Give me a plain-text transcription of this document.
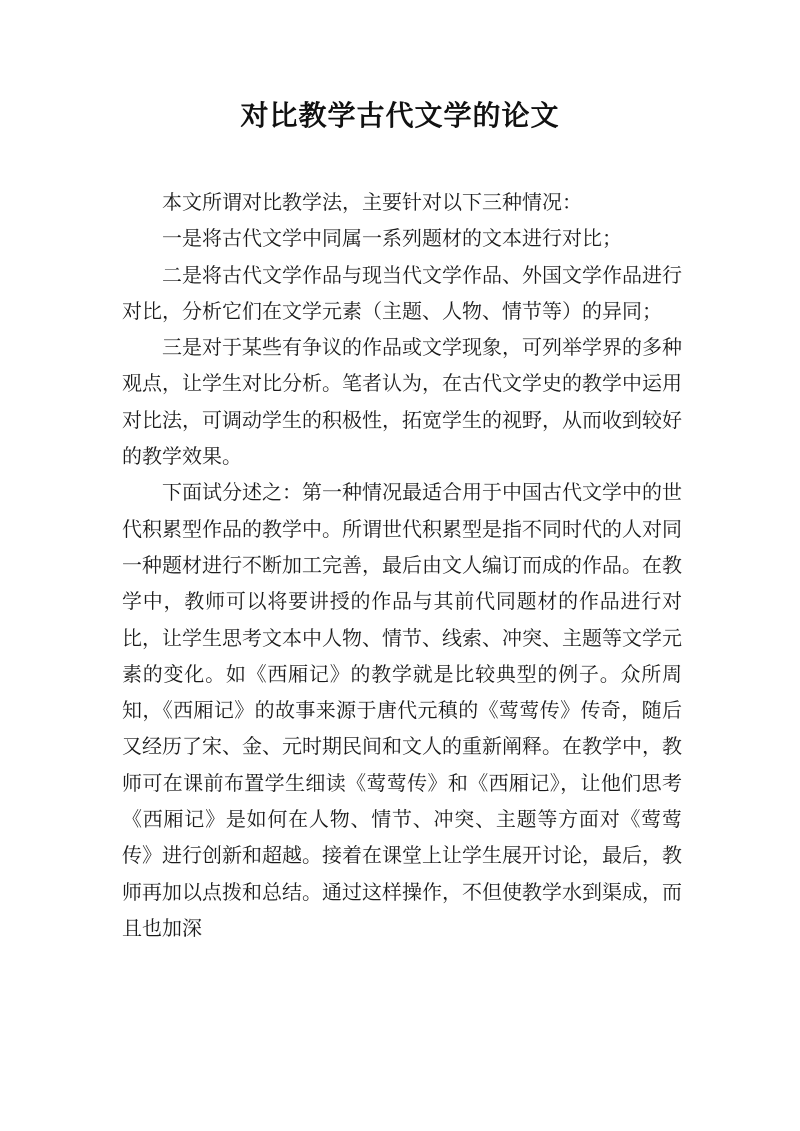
对比教学古代文学的论文

本文所谓对比教学法，主要针对以下三种情况：

一是将古代文学中同属一系列题材的文本进行对比；

二是将古代文学作品与现当代文学作品、外国文学作品进行对比，分析它们在文学元素（主题、人物、情节等）的异同；

三是对于某些有争议的作品或文学现象，可列举学界的多种观点，让学生对比分析。笔者认为，在古代文学史的教学中运用对比法，可调动学生的积极性，拓宽学生的视野，从而收到较好的教学效果。

下面试分述之：第一种情况最适合用于中国古代文学中的世代积累型作品的教学中。所谓世代积累型是指不同时代的人对同一种题材进行不断加工完善，最后由文人编订而成的作品。在教学中，教师可以将要讲授的作品与其前代同题材的作品进行对比，让学生思考文本中人物、情节、线索、冲突、主题等文学元素的变化。如《西厢记》的教学就是比较典型的例子。众所周知，《西厢记》的故事来源于唐代元稹的《莺莺传》传奇，随后又经历了宋、金、元时期民间和文人的重新阐释。在教学中，教师可在课前布置学生细读《莺莺传》和《西厢记》，让他们思考《西厢记》是如何在人物、情节、冲突、主题等方面对《莺莺传》进行创新和超越。接着在课堂上让学生展开讨论，最后，教师再加以点拨和总结。通过这样操作，不但使教学水到渠成，而且也加深
